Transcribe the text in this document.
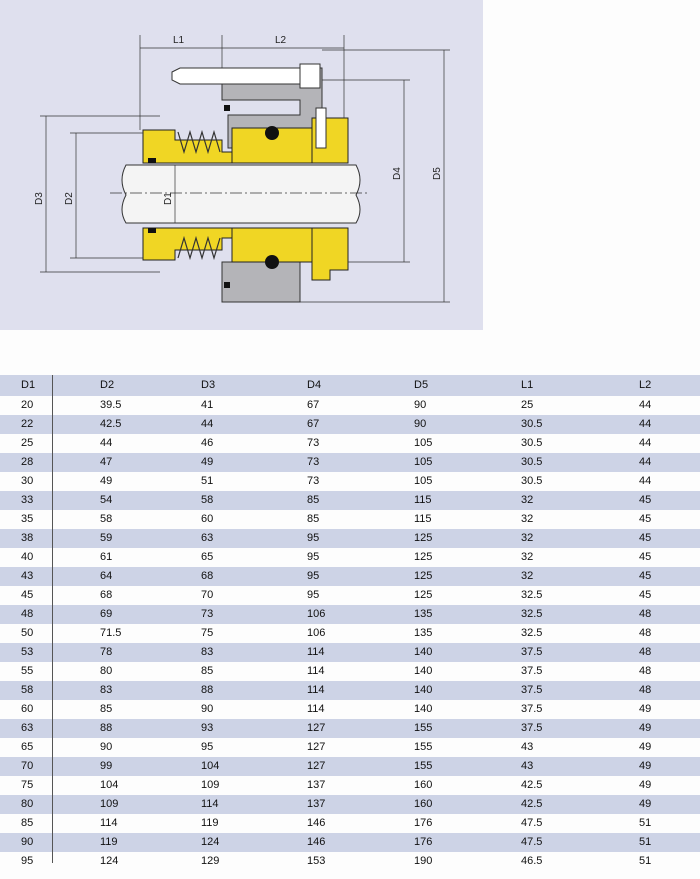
L1	L2
D1
D2
D3
D4	D5
D1	D2	D3	D4	D5	L1	L2
20	39.5	41	67	90	25	44
22	42.5	44	67	90	30.5	44
25	44	46	73	105	30.5	44
28	47	49	73	105	30.5	44
30	49	51	73	105	30.5	44
33	54	58	85	115	32	45
35	58	60	85	115	32	45
38	59	63	95	125	32	45
40	61	65	95	125	32	45
43	64	68	95	125	32	45
45	68	70	95	125	32.5	45
48	69	73	106	135	32.5	48
50	71.5	75	106	135	32.5	48
53	78	83	114	140	37.5	48
55	80	85	114	140	37.5	48
58	83	88	114	140	37.5	48
60	85	90	114	140	37.5	49
63	88	93	127	155	37.5	49
65	90	95	127	155	43	49
70	99	104	127	155	43	49
75	104	109	137	160	42.5	49
80	109	114	137	160	42.5	49
85	114	119	146	176	47.5	51
90	119	124	146	176	47.5	51
95	124	129	153	190	46.5	51
